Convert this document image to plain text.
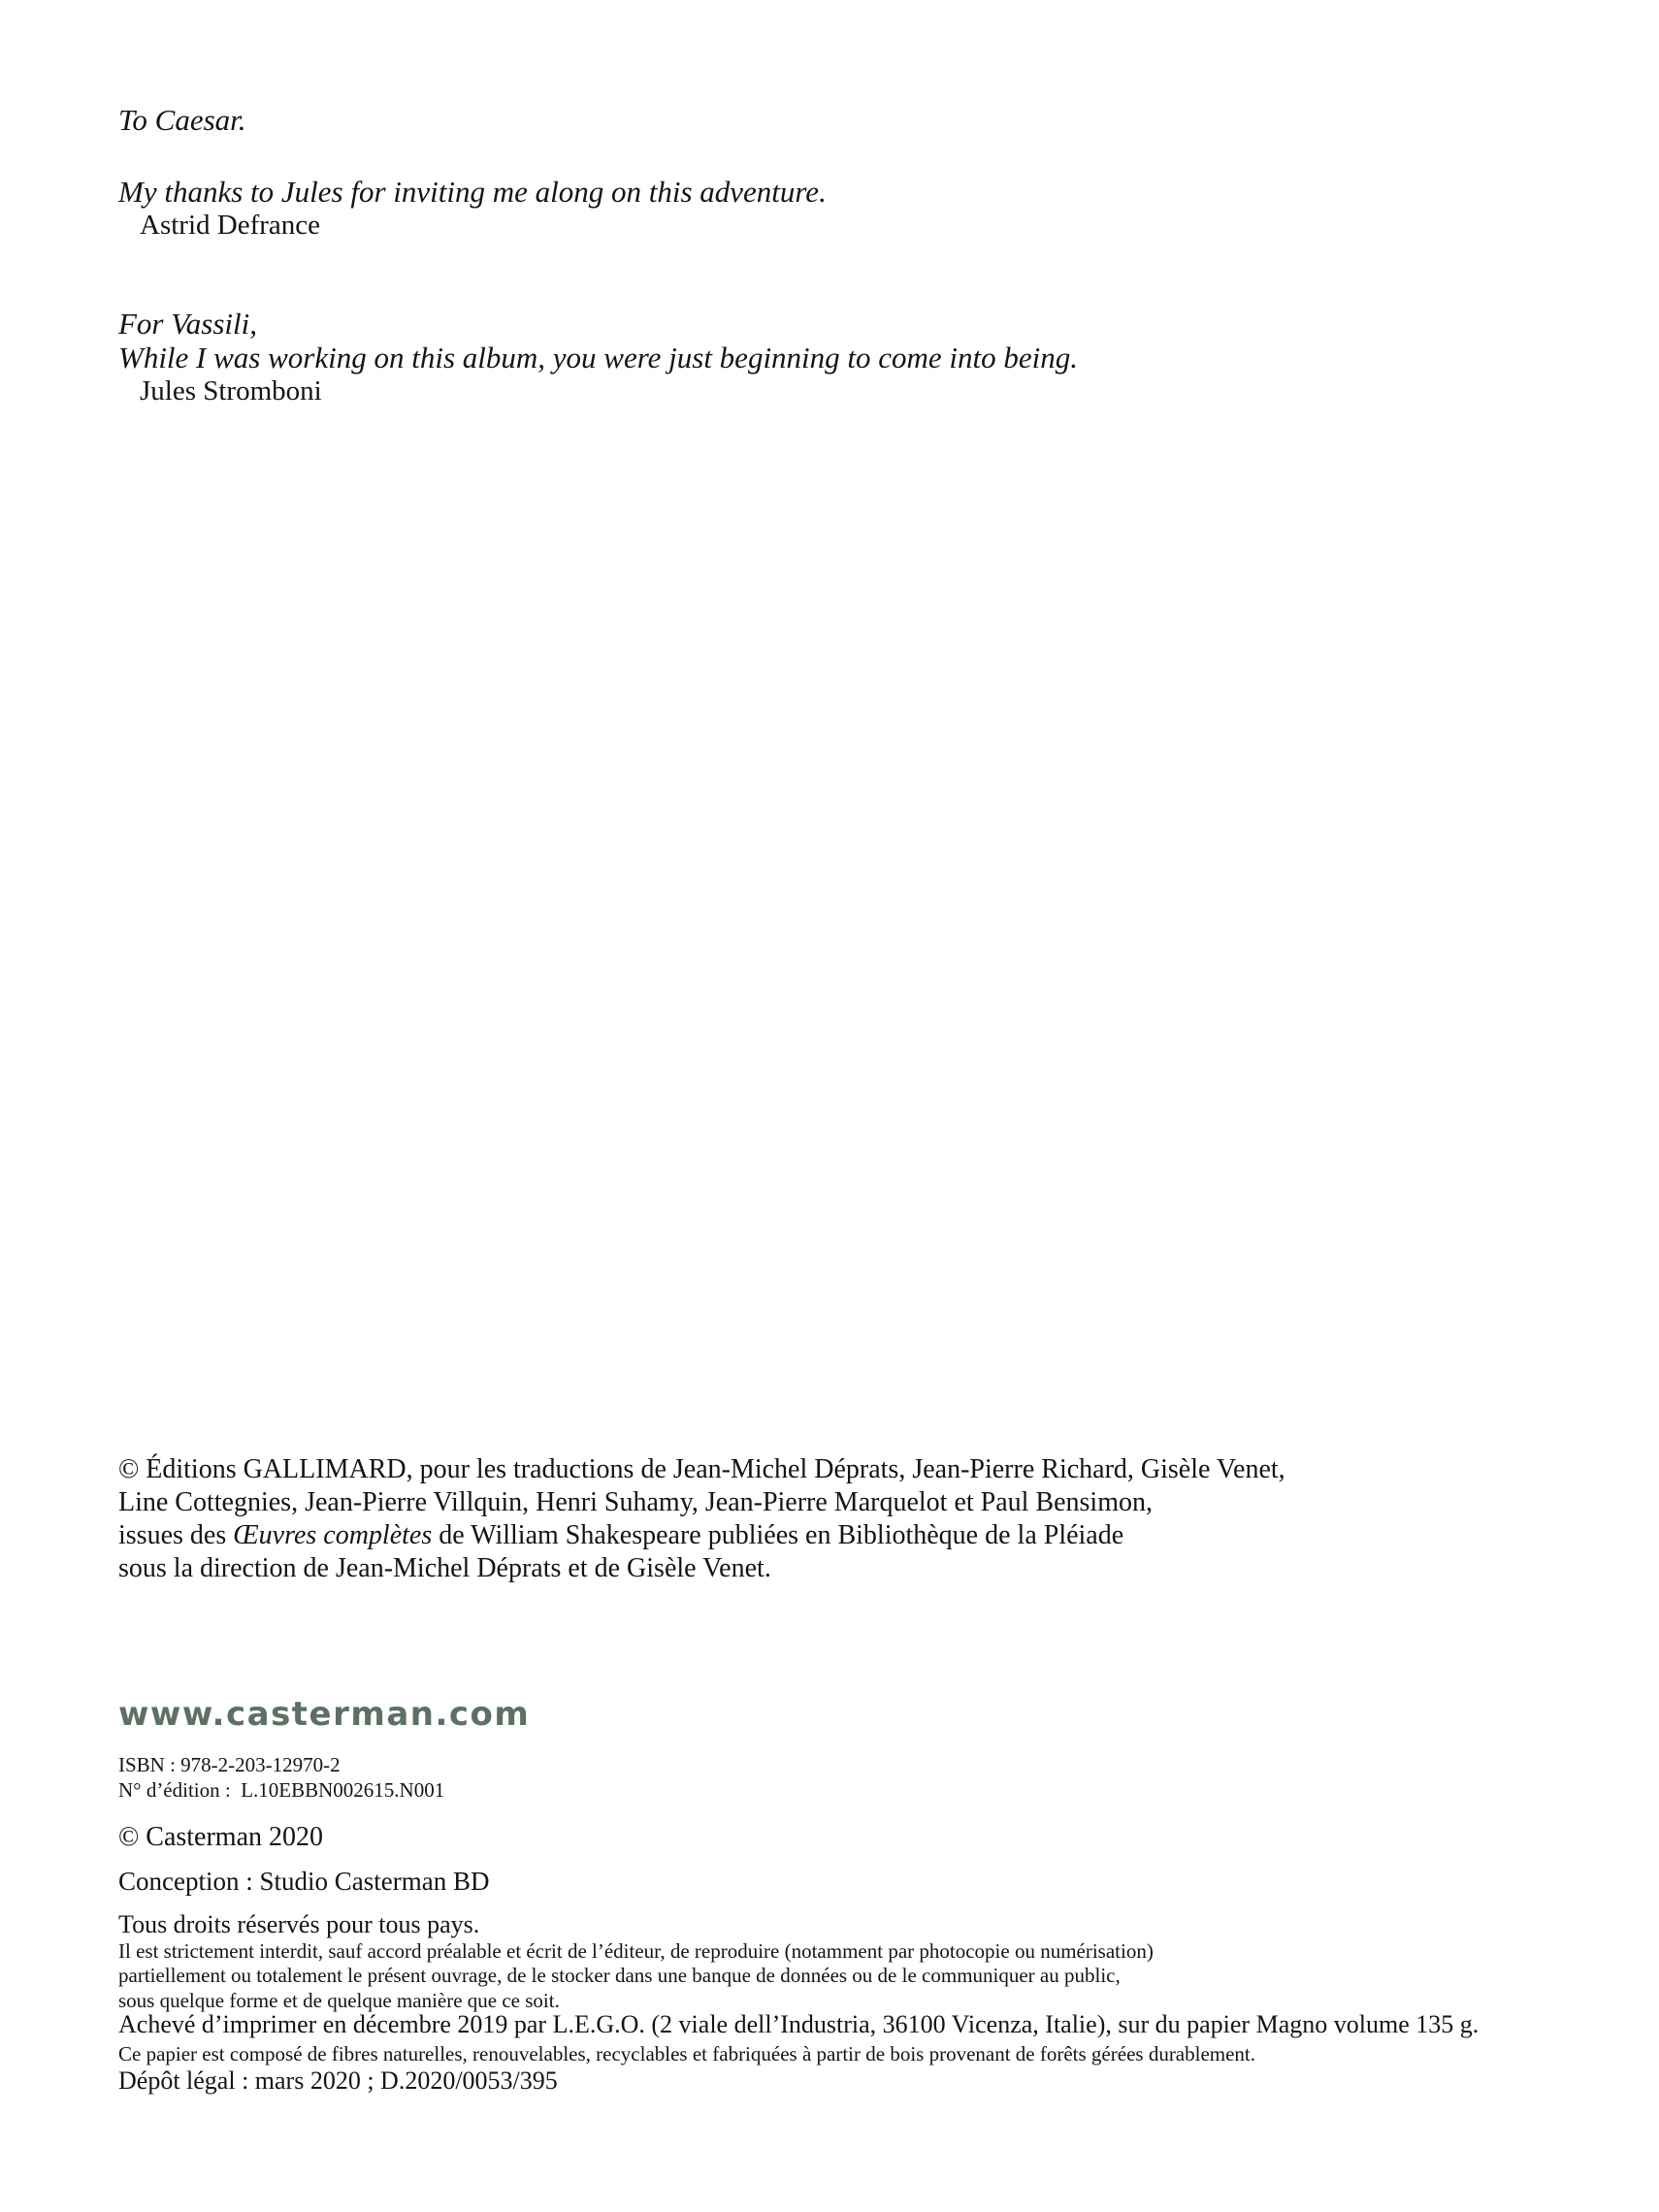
To Caesar.
My thanks to Jules for inviting me along on this adventure.
Astrid Defrance
For Vassili,
While I was working on this album, you were just beginning to come into being.
Jules Stromboni
© Éditions GALLIMARD, pour les traductions de Jean-Michel Déprats, Jean-Pierre Richard, Gisèle Venet,
Line Cottegnies, Jean-Pierre Villquin, Henri Suhamy, Jean-Pierre Marquelot et Paul Bensimon,
issues des Œuvres complètes de William Shakespeare publiées en Bibliothèque de la Pléiade
sous la direction de Jean-Michel Déprats et de Gisèle Venet.
www.casterman.com
ISBN : 978-2-203-12970-2
N° d’édition :  L.10EBBN002615.N001
© Casterman 2020
Conception : Studio Casterman BD
Tous droits réservés pour tous pays.
Il est strictement interdit, sauf accord préalable et écrit de l’éditeur, de reproduire (notamment par photocopie ou numérisation)
partiellement ou totalement le présent ouvrage, de le stocker dans une banque de données ou de le communiquer au public,
sous quelque forme et de quelque manière que ce soit.
Achevé d’imprimer en décembre 2019 par L.E.G.O. (2 viale dell’Industria, 36100 Vicenza, Italie), sur du papier Magno volume 135 g.
Ce papier est composé de fibres naturelles, renouvelables, recyclables et fabriquées à partir de bois provenant de forêts gérées durablement.
Dépôt légal : mars 2020 ; D.2020/0053/395
